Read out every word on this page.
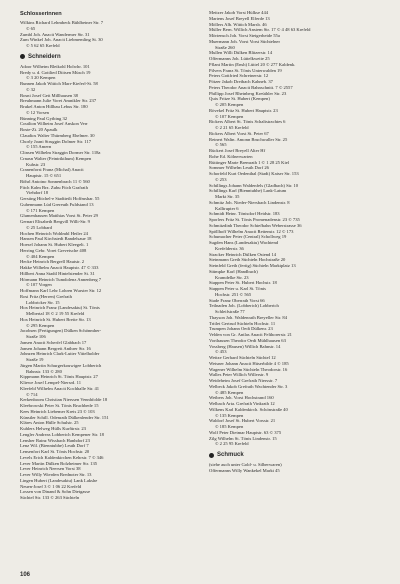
Schlosserinnen
Wilkins Richard Lehmbeck Bühlbeiner Str. 7
© 65
Zumbl Joh. Anacit Wandermer Str. 31
Zum Winkel Joh. Anacit Liebmemling St. 30
© 5 62 65 Krefeld
Schneidern
Adoor Wilheim Bleikohl Holwhr. 101
Bredy u. d. Gottlied Diitsen Müsch 19
© 3 20 Kempen
Bunnen Jakob Wittich Marr-Kieferl-St. 58
© 32
Bosni Josef Geit Millhausen 38
Breuhmann Julie Voret Amnikler Str. 237
Brukel Anton Hillbau Lebus Str. 180
© 12 Vorsen
Bünning Paul Gytbing 32
Coutlion Wilheim Josef Anskon Verr
Boste-Zt. 20 Apaulk
Claudios Walter Thürmberg Ehelmer. 30
Chorly Joani Struggin Dolmer Str. 117
© 155 Amern
Clinsen Wilhelm Straggin Dormer Str. 118a
Crnasn Walter (Feintrikthum) Kempen
Kuhstr. 23
Cranenforst Franz (Michal) Anacit
Hauptstr. 15 © 651
Böhrl Antoino Sonnenbrach 11 © 560
Fitch Kalm Brz. Zubu Fitch Grafrath
Viehdorf 18
Gersting Hitchel-e Stadtteilt Hoffmshar. 55
Guhenmann Lüd Grereuth Fuldstand 13
© 171 Kempen
Glumenhausen Matthias Vorst St. Peter 29
Gernart Elisabeth Bergvill Willi-Str. 9
© 25 Lobbard
Hochen Heinrich Wohlmbl Heiler 24
Hansen Paul Kirchstedt Bandelsaue 18
Hoesel Johann St. Hubert Kleegelt. 1
Herring Gebr. Voret Grevetsche 408
© 404 Kempen
Hecke Heinrich Bergrell Hautstr. 2
Hakke Wilhelm Anacit Hauptstr. 47 © 333
Hillbert Anna Stadtl Hintelstender St. 31
Hörmann Heinrich Tumdolenz Annenberg 7
© 107 Vorgen
Hoffmann Karl Lehr Lohren Wurster Str. 12
Rosi Fritz (Herren) Grefrath
Lobbricker Str. 15
Hox Heinrich Franz (Landesaktu) St. Tönis
Melbertal 18 © 2 19 55 Krefeld
Hox Heinrich St. Hubert Breite Str. 13
© 295 Kempen
Jacobsen (Fertigungen) Dülken Schönmher-
Straße 106
Jansen Anacit Scherfel Glabbach 17
Jansen Johann Bergreit Anthrer Str. 16
Johnzen Heinrich Clark-Lutter Vittelholder
Straße 19
Jürgen Martin Schurgerkouwigee Lobberich
Bahnstr. 133 © 280
Kippmann Heinrich St. Tönis Hauptstr. 27
Kliewe Josef Lempel-Niersrd. 11
Kleefeld Wilhelm Anacit Kochhalle Str. 41
© 714
Kerkenboom Christian Nierssen Vennhfolde 18
Kleebrowski Peter St. Tönis Bruchbede 15
Kees Heinrich Liebemer Kreis 23 © 103
Künstler Schill. Odenrath Dülkenlender Str. 151
Kläres Anton Hülle Schulstr. 25
Kuhlers Helweg Hülls Kurfürstr. 23
Lengler Andreas Lobberich Kempener Str. 18
Lensher Rainz Wissbach Hanhdorf 23
Lenz Wil. (Bienntubhe) Leuth Dorf 7
Lensenfort Karl St. Tönis Hochstr. 20
Levels Erich Kaldenkirchen Kehrstr. 7 © 346
Lever Martin Dülken Bolzheimer Str. 135
Lever Heinrich Neersen Vorst 38
Lever Willy Wierden Brednoter Str. 13
Lingen Hubert (Landesaktu) Lank Lakshe
Neuen-Josef 3 © 1 06 22 Krefeld
Lossen von Dinand & Sohn Dietgasse
Süchtel Str. 133 © 263 Süchteln
Meitzer Jakob Vorst Hülkse 444
Martens Josef Breyell Elferde 13
Möllers Alb. Wittich Marsb. 46
Müller Bern. Willich Anstem Str. 17 © 4 48 63 Krefeld
Mörtensch Joh. Vorst Steigerheide 55a
Muermann Joh. Vorst Vorst Süchtelner
Straße 260
Mullen Willi Dülken Blitzerstr. 14
Offermanns Joh. Lüttelkweite 25
Pflant Martin (Ensh) Lüttel 20 © 277 Kaldenk.
Pilvers Franz St. Tönis Unterwalden 19
Peters Gottfried Schreinerstr. 12
Pötzer Jakob Dreibach Kahneb. 37
Peters Theodor Anacit Bahnschnitt. 7 © 2557
Phillipp Josef Rheinberg Kreüthler Str. 23
Quix Fritze St. Hubert (Kempen)
© 205 Kempen
Rövekel Fritz St. Hubert Hauptstr. 23
© 107 Kempen
Rickers Albert St. Tönis Schaltstrachtes 6
© 2 21 65 Krefeld
Rickers Albert Vorst St. Peter 67
Reinert Waltn. Amonn Bruchwaller Str. 25
© 565
Rückert Josef Breyell Alter Hf
Rohe Ed. Kölnerwarten
Rüttinger Marie Bremrath 1 © 1 28 25 Kiel
Sommer Wilhelm Leuth Dorf 26
Schorfeld Kurt Oedenthal (Stadt) Kaiser Str. 153
© 253
Schillings Johann Waldenfels (Gladbach) Str. 10
Schillings Karl (Bienntubhe) Lank-Latum
Markt Str. 35
Schmitz Joh. Nieder-Niersbach Lindenstr. 8
Kalltrupter 6
Schmidt Heinr. Tönisdorf Heidstr. 183
Sporlers Fritz St. Tönis Promenadenstr. 23 © 735
Schmitzdinh Theodor Schiefbahn Weberstrasse 36
Spöllhoff Wilhelm Anacit Rettenstr. 12 © 173
Schumacher Peter (Central) Schollweg 19
Sugden Hans (Landesaktu) Wachtend
Krefelderstr. 36
Stracker Heinrich Dülken Ostend 14
Steinmann Greth Süchteln Hochstraße 20
Steinfeld Greth (fertig) Süchteln Marktplatz 13
Stümpke Karl (Handbuch)
Kramdelke Str. 23
Stappen Peter St. Hubert Hochstr. 18
Stappen Peter u. Karl St. Tönis
Hochstr. 251 © 565
Stade Franz Oberrath Vorst 66
Teilnaden Joh. (Lobberich) Lobberich
Schleifstraße 77
Thayson Joh. Waldenrath Breyeller Str. 84
Tritlet Gertrud Süchteln Hochstr. 11
Trumpen Johann Oedt Dülkenr. 23
Velden von Gr. Antlas Anacit Felthorerstr. 21
Vorthausen Theodor Oedt Mühlhausen 63
Vossberg (Hausen) Willich Bahnstr. 14
© 453
Weitze Gerhard Süchteln Süchtel 12
Weisner Johann Anacit Hüserbilde 4 © 185
Wagener Wilhelm Süchteln Theodorstr. 16
Walles Peter Willich Willerstr. 9
Weideheim Josef Grefrath Niersstr. 7
Welbeck Jakob Grefrath Wachtender Str. 3
© 485 Kempen
Weibers Joh. Vorst Hochstrand 160
Welbach Arta. Grefrath Vinkrath 12
Wilkens Karl Kaldenkirch. Schönstraße 40
© 135 Kempen
Waldorf Josef St. Hubert Vorsstr. 21
© 185 Kempen
Wolf Peter Dietmar Hauptstr. 63 © 375
Zilg Wilhelm St. Tönis Lindenstr. 15
© 2 25 95 Krefeld
Schmuck
(siehe auch unter Gold- u. Silberwaren)
Offermanns Willy Wankekel Markt 45
106
